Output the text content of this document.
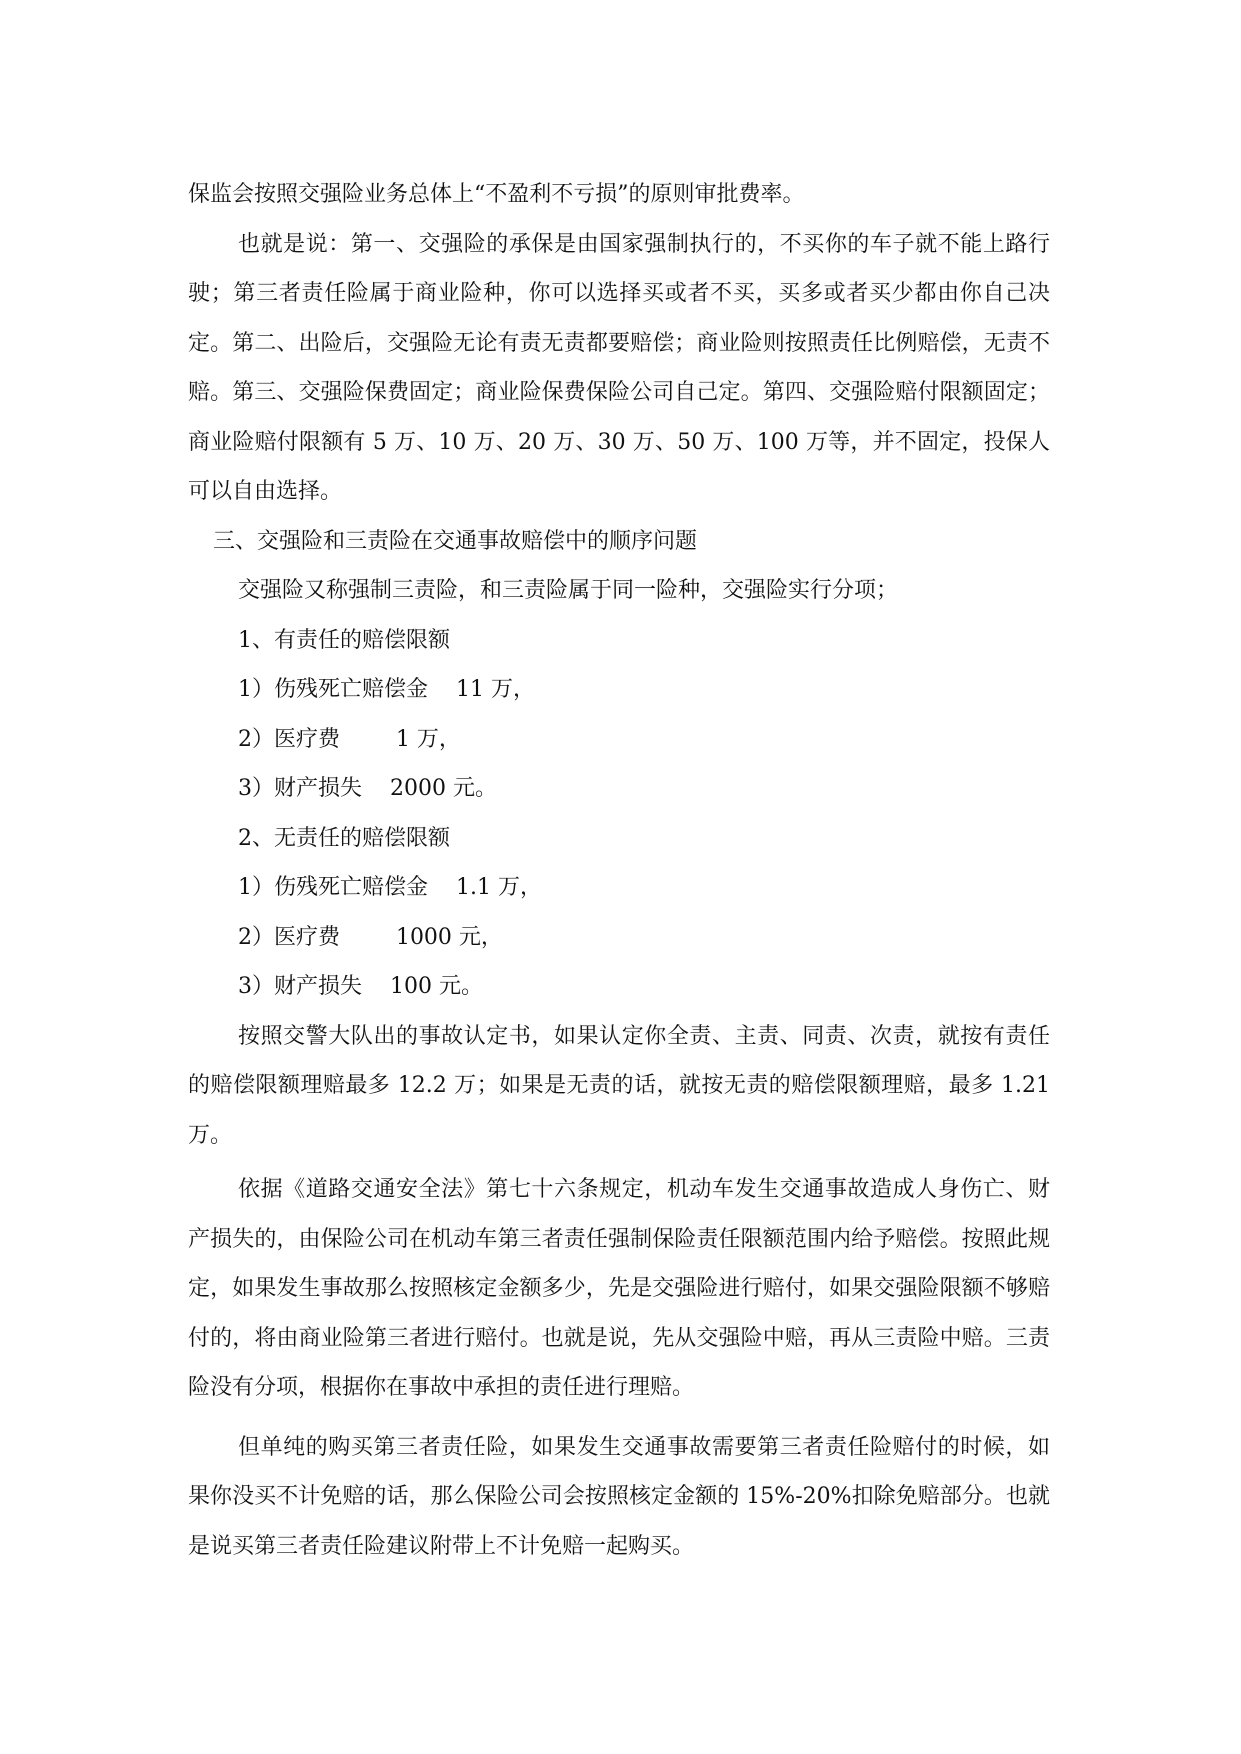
保监会按照交强险业务总体上“不盈利不亏损”的原则审批费率。

也就是说：第一、交强险的承保是由国家强制执行的，不买你的车子就不能上路行驶；第三者责任险属于商业险种，你可以选择买或者不买，买多或者买少都由你自己决定。第二、出险后，交强险无论有责无责都要赔偿；商业险则按照责任比例赔偿，无责不赔。第三、交强险保费固定；商业险保费保险公司自己定。第四、交强险赔付限额固定；商业险赔付限额有 5 万、10 万、20 万、30 万、50 万、100 万等，并不固定，投保人可以自由选择。

三、交强险和三责险在交通事故赔偿中的顺序问题

交强险又称强制三责险，和三责险属于同一险种，交强险实行分项；

1、有责任的赔偿限额

1）伤残死亡赔偿金    11 万，

2）医疗费        1 万，

3）财产损失    2000 元。

2、无责任的赔偿限额

1）伤残死亡赔偿金    1.1 万，

2）医疗费        1000 元，

3）财产损失    100 元。

按照交警大队出的事故认定书，如果认定你全责、主责、同责、次责，就按有责任的赔偿限额理赔最多 12.2 万；如果是无责的话，就按无责的赔偿限额理赔，最多 1.21 万。

依据《道路交通安全法》第七十六条规定，机动车发生交通事故造成人身伤亡、财产损失的，由保险公司在机动车第三者责任强制保险责任限额范围内给予赔偿。按照此规定，如果发生事故那么按照核定金额多少，先是交强险进行赔付，如果交强险限额不够赔付的，将由商业险第三者进行赔付。也就是说，先从交强险中赔，再从三责险中赔。三责险没有分项，根据你在事故中承担的责任进行理赔。

但单纯的购买第三者责任险，如果发生交通事故需要第三者责任险赔付的时候，如果你没买不计免赔的话，那么保险公司会按照核定金额的 15%-20%扣除免赔部分。也就是说买第三者责任险建议附带上不计免赔一起购买。
